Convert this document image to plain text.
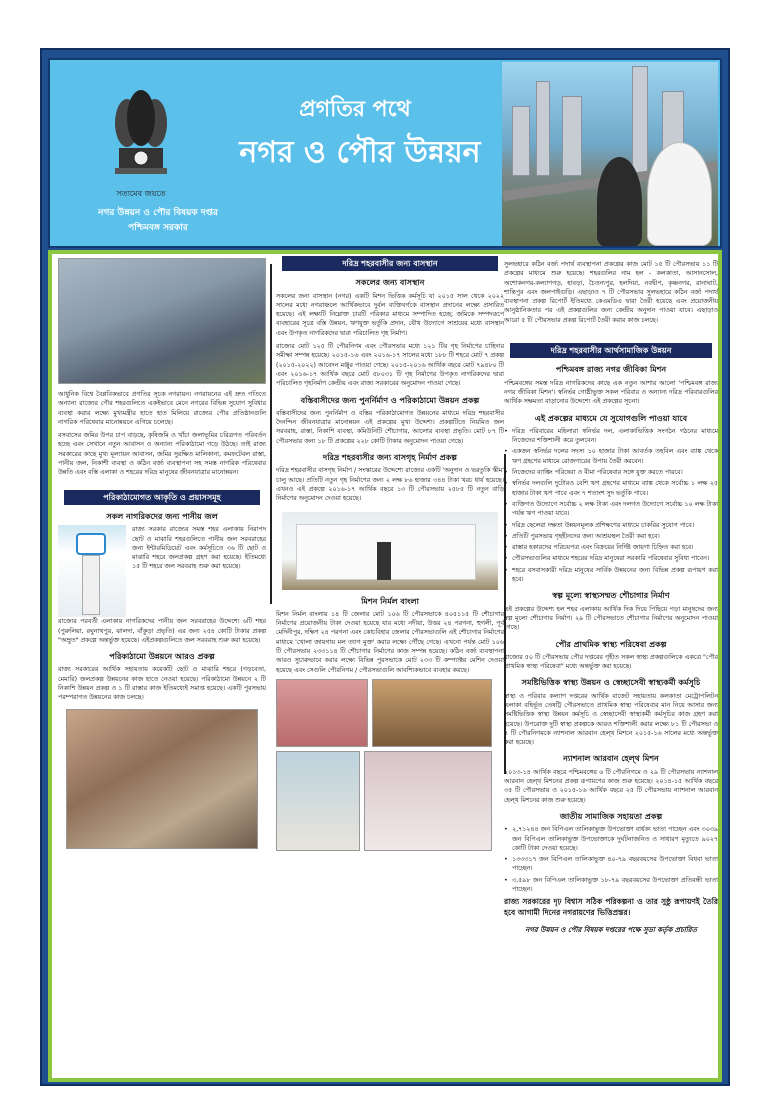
সত্যমেব জয়তে
নগর উন্নয়ন ও পৌর বিষয়ক দপ্তর
পশ্চিমবঙ্গ সরকার
প্রগতির পথে
নগর ও পৌর উন্নয়ন

আধুনিক বিশ্বে বৈপ্লবিকভাবে প্রগতির সূচক নগরায়ন। নগরায়নের এই দ্রুত গতিতে অন্যান্য রাজ্যের পৌর শহরগুলিতে একইভাবে মেনে নগরের বিভিন্ন সুযোগ সুবিধার ব্যবস্থা করার লক্ষ্যে মুখ্যমন্ত্রীর হাতে হাত মিলিয়ে রাজ্যের পৌর প্রতিষ্ঠানগুলি নাগরিক পরিষেবার মানোন্নয়নে এগিয়ে চলেছে।

বসবাসের জমির উপর চাপ বাড়ছে, কৃষিজমি ও খাঁচা জলাভূমির চরিত্রগত পরিবর্তন হচ্ছে এবং সেখানে নতুন আবাসন ও অন্যান্য পরিকাঠামো গড়ে উঠছে। তাই রাজ্য সরকারের কাছে মুখ্য মূল্যায়ন আবাসন, জমির সুরক্ষিত মালিকানা, কমফটেবল রাস্তা, পানীয় জল, নিকাশী ব্যবস্থা ও কঠিন বর্জ্য ব্যবস্থাপনা সহ সমস্ত নাগরিক পরিষেবার উন্নতি এবং বস্তি এলাকা ও শহরের দরিদ্র মানুষের জীবনযাত্রার মানোন্নয়ন।

পরিকাঠামোগত আকৃতি ও প্রয়াসসমূহ
সকল নাগরিকদের জন্য পানীয় জল

রাজ্য সরকার রাজ্যের সমস্ত শহর এলাকায় নিরাপদ ছোট ও মাঝারি শহরগুলিতে পানীয় জল সরবরাহের জন্য ইন্টারমিডিয়েট এবং কর্মসূচিতে ৩৬ টি ছোট ও মাঝারি শহরে জলপ্রকল্প গ্রহণ করা হয়েছে। ইতিমধ্যে ১৫ টি শহরে জল সরবরাহ শুরু করা হয়েছে।

রাজ্যের পরবর্তী এলাকায় নাগরিকদের পানীয় জল সরবরাহের উদ্দেশ্যে ৬টি শহর (পুরুলিয়া, রঘুনাথপুর, ঝালদা, বাঁকুড়া প্রভৃতি) এর জন্য ২৫৪ কোটি টাকার প্রকল্প "অম্রুত" প্রকল্পে অন্তর্ভুক্ত হয়েছে। এইপ্রকল্পগুলিতে জল সরবরাহ শুরু করা হয়েছে।

পরিকাঠামো উন্নয়নে আরও প্রকল্প

রাজ্য সরকারের আর্থিক সহায়তায় কয়েকটি ছোট ও মাঝারি শহরে (গড়বেতা, মেমারি) জলপ্রকল্প উন্নয়নের কাজ হাতে নেওয়া হয়েছে। পরিকাঠামো উন্নয়নে ২ টি নিকাশি উন্নয়ন প্রকল্প ও ১ টি রাস্তার কাজ ইতিমধ্যেই সমাপ্ত হয়েছে। একটি পুরসভায় পরম্পরাগত উন্নয়নের কাজ চলছে।

দরিদ্র শহরবাসীর জন্য বাসস্থান
সকলের জন্য বাসস্থান

সকলের জন্য বাসস্থান (নগর) একটি মিশন ভিত্তিক কর্মসূচি যা ২০১৫ সাল থেকে ২০২২ সালের মধ্যে নগরাঞ্চলে আর্থিকভাবে দুর্বল ব্যক্তিবর্গকে বাসস্থান প্রদানের লক্ষ্যে প্রসারিত হয়েছে। এই লক্ষ্যটি নিম্নোক্ত চারটি পরিকার মাধ্যমে সম্পাদিত হচ্ছে; জমিকে সম্পদরূপে ব্যবহারের সূত্রে বস্তি উন্নয়ন, ঋণযুক্ত ভর্তুকি প্রদান, যৌথ উদ্যোগে সাশ্রয়ের মধ্যে বাসস্থান এবং উপকৃত নাগরিকদের দ্বারা পরিচালিত গৃহ নির্মাণ।

রাজ্যের মোট ১২৫ টি পৌরনিগম এবং পৌরসভার মধ্যে ১২১ টির গৃহ নির্মাণের চাহিদার সমীক্ষা সম্পন্ন হয়েছে। ২০১৫-১৬ এবং ২০১৬-১৭ সালের মধ্যে ১৮৮ টি শহরে মোট ৭ প্রকল্প (২০১৫-২০২২) আবেদন মঞ্জুর পাওয়া গেছে। ২০১৫-২০১৬ আর্থিক বছরে মোট ৭৯৪৮০ টি এবং ২০১৬-১৭ আর্থিক বছরে মোট ৫৮০৩১ টি গৃহ নির্মাণের উপকৃত নাগরিকদের দ্বারা পরিচালিত গৃহনির্মাণ কেন্দ্রীয় এবং রাজ্য সরকারের অনুমোদন পাওয়া গেছে।

বস্তিবাসীদের জন্য পুনর্নির্মাণ ও পরিকাঠামো উন্নয়ন প্রকল্প

বস্তিবাসীদের জন্য পুনর্নির্মাণ ও বস্তির পরিকাঠামোগত উন্নয়নের মাধ্যমে দরিদ্র শহরবাসীর দৈনন্দিন জীবনযাত্রার মানোন্নয়ন এই প্রকল্পের মুখ্য উদ্দেশ্য। প্রকল্পটিতে নিয়মিত জল সরবরাহ, রাস্তা, নিকাশি ব্যবস্থা, কমিউনিটি শৌচাগার, আলোর ব্যবস্থা প্রভৃতি। মোট ৮৭ টি পৌরসভার জন্য ১৮ টি প্রকল্পের ২২৮ কোটি টাকার অনুমোদন পাওয়া গেছে।

দরিদ্র শহরবাসীর জন্য বাসগৃহ নির্মাণ প্রকল্প

দরিদ্র শহরবাসীর বাসগৃহ নির্মাণ / সংস্কারের উদ্দেশ্যে রাজ্যের একটি 'অনুদান ও ভরতুকি স্কীম' চালু আছে। প্রতিটি নতুন গৃহ নির্মাণের জন্য ২ লক্ষ ৮৬ হাজার ৩৪৪ টাকা খরচ ধার্য হয়েছে। এখনও এই প্রকল্পে ২০১৬-১৭ আর্থিক বছরে ১৩ টি পৌরসভায় ২৫৮৫ টি নতুন বাড়ি নির্মাণের অনুমোদন দেওয়া হয়েছে।

মিশন নির্মল বাংলা

মিশন নির্মল বাংলায় ১৪ টি জেলার মোট ১০৬ টি পৌরসভাকে ৪০৫১১৫ টি শৌচাগার নির্মাণের প্রয়োজনীয় টাকা দেওয়া হয়েছে যার মধ্যে নদীয়া, উত্তর ২৪ পরগনা, হুগলী, পূর্ব মেদিনীপুর, দক্ষিণ ২৪ পরগনা এবং কোচবিহার জেলার পৌরসভাগুলি এই শৌচাগার নির্মাণের মাধ্যমে 'খোলা জায়গায় মল ত্যাগ মুক্ত' করার লক্ষ্যে পৌঁছে গেছে। এখনো পর্যন্ত মোট ১০৬ টি পৌরসভায় ২৩৩১১৪ টি শৌচাগার নির্মাণের কাজ সম্পন্ন হয়েছে। কঠিন বর্জ্য ব্যবস্থাপনা আরও সুচারুভাবে করার লক্ষ্যে বিভিন্ন পুরসভাকে মোট ২৩৩ টি কম্প্যাক্টর মেশিন দেওয়া হয়েছে এবং সেগুলি পৌরনিগম / পৌরসভাগুলি আবশ্যিকভাবে ব্যবহার করছে।

সুলভহারে কঠিন বর্জ্য পদার্থ ব্যবস্থাপনা প্রকল্পের কাজ মোট ১৫ টি পৌরসভায় ১১ টি প্রকল্পের মাধ্যমে শুরু হয়েছে। শহরগুলির নাম হল - কলকাতা, আসানসোল, অশোকনগর-কল্যাণগড়, হাবড়া, চৈতন্যপুর, হলদিয়া, নবদ্বীপ, কৃষ্ণনগর, রানাঘাট, শান্তিপুর এবং জলপাইগুড়ি। এছাড়াও ৭ টি পৌরসভার সুলভহারে কঠিন বর্জ্য পদার্থ ব্যবস্থাপনা প্রকল্প রিপোর্ট ইতিমধ্যে কেএমডিএ দ্বারা তৈরী হয়েছে এবং প্রয়োজনীয় আনুষ্ঠানিকতার পর এই প্রকল্পগুলির জন্য কেন্দ্রীয় অনুদান পাওয়া যাবে। এছাড়াও আরো ৫ টি পৌরসভার প্রকল্প রিপোর্ট তৈরী করার কাজ চলছে।

দরিদ্র শহরবাসীর আর্থসামাজিক উন্নয়ন
পশ্চিমবঙ্গ রাজ্য নগর জীবিকা মিশন

পশ্চিমবঙ্গের সমস্ত দরিদ্র নাগরিকদের কাছে এক নতুন আশার আলো 'পশ্চিমবঙ্গ রাজ্য নগর জীবিকা মিশন'। স্বনির্ভর গোষ্ঠীভুক্ত সকল পরিবার ও অন্যান্য দরিদ্র পরিবারগুলির আর্থিক সক্ষমতা বাড়ানোর উদ্দেশ্যে এই প্রকল্পের সূচনা।

এই প্রকল্পের মাধ্যমে যে সুযোগগুলি পাওয়া যাবে
• দরিদ্র পরিবারের মহিলারা স্বনির্ভর দল, এলাকাভিত্তিক সংগঠন গঠনের মাধ্যমে নিজেদের শক্তিশালী করে তুলবেন।
• একজন স্বনির্ভর দলের সদস্য ১০ হাজার টাকা আবর্তক তহবিল এবং ব্যাঙ্ক থেকে ঋণ গ্রহণের মাধ্যমে রোজগারের উপায় তৈরী করবেন।
• নিজেদের ব্যাঙ্কিং পরিষেবা ও বীমা পরিষেবার সঙ্গে যুক্ত করতে পারবে।
• স্বনির্ভর দলগুলি দুটোরও বেশি ঋণ গ্রহণের মাধ্যমে ব্যাঙ্ক থেকে সর্বোচ্চ ১ লক্ষ ২৫ হাজার টাকা ঋণ পাবে এবং ৭ শতাংশ সুদ ভর্তুকি পাবে।
• ব্যক্তিগত উদ্যোগে সর্বোচ্চ ২ লক্ষ টাকা এবং দলগত উদ্যোগে সর্বোচ্চ ১০ লক্ষ টাকা পর্যন্ত ঋণ পাওয়া যাবে।
• দরিদ্র ছেলেরা দক্ষতা উন্নয়নমূলক প্রশিক্ষণের মাধ্যমে চাকরির সুযোগ পাবে।
• প্রতিটি পুরসভায় গৃহহীনদের জন্য আশ্রয়স্থল তৈরী করা হবে।
• রাস্তার হকারদের পরিচয়পত্র এবং বিক্রয়ের নির্দিষ্ট জায়গা চিহ্নিত করা হবে।
• পৌরসভাগুলির মাধ্যমে শহরের দরিদ্র মানুষেরা সরকারি পরিষেবার সুবিধা পাবেন।
• শহরে বসবাসকারী দরিদ্র মানুষের সার্বিক উন্নয়নের জন্য বিভিন্ন প্রকল্প রূপায়ণ করা হবে।
স্বল্প মূল্যে স্বাস্থ্যসম্মত শৌচাগার নির্মাণ

এই প্রকল্পের উদ্দেশ্য হল শহর এলাকায় আর্থিক দিক দিয়ে পিছিয়ে পড়া মানুষদের জন্য স্বল্প মূল্যে শৌচাগার নির্মাণ। ২৯ টি পৌরসভাতে শৌচাগার নির্মাণের অনুমোদন পাওয়া গেছে।

পৌর প্রাথমিক স্বাস্থ্য পরিষেবা প্রকল্প

রাজ্যের ৫০ টি পৌরসভায় পৌর দপ্তরের গৃহীত সকল স্বাস্থ্য প্রকল্পগুলিকে একত্রে "পৌর প্রাথমিক স্বাস্থ্য পরিষেবা" মধ্যে অন্তর্ভুক্ত করা হয়েছে।

সমষ্টিভিত্তিক স্বাস্থ্য উন্নয়ন ও স্বেচ্ছাসেবী স্বাস্থ্যকর্মী কর্মসূচি

স্বাস্থ্য ও পরিবার কল্যাণ দপ্তরের আর্থিক বাজেট সহায়তায় কলকাতা মেট্রোপলিটন এলাকা বহির্ভূত তেষট্টি পৌরসভাতে প্রাথমিক স্বাস্থ্য পরিষেবার মান নিয়ে আসার জন্য সমষ্টিভিত্তিক স্বাস্থ্য উন্নয়ন কর্মসূচি ও স্বেচ্ছাসেবী স্বাস্থ্যকর্মী কর্মসূচির কাজ গ্রহণ করা হয়েছে। উপরোক্ত দুটি স্বাস্থ্য প্রকল্পকে আরও শক্তিশালী করার লক্ষ্যে ৮১ টি পৌরসভা ও ৭ টি পৌরনিগমকে ন্যাশনাল আরবান হেল্থ মিশনে ২০১৫-১৬ সালের মধ্যে অন্তর্ভুক্ত করা হয়েছে।

ন্যাশনাল আরবান হেল্থ মিশন

২০১৩-১৪ আর্থিক বছরে পশ্চিমবঙ্গের ৬ টি পৌরনিগমে ও ২৯ টি পৌরসভায় ন্যাশনাল আরবান হেল্থ মিশনের প্রকল্প রূপায়ণের কাজ শুরু হয়েছে। ২০১৪-১৫ আর্থিক বছরে ৩৫ টি পৌরসভায় ও ২০১৫-১৬ আর্থিক বছরে ২৫ টি পৌরসভায় ন্যাশনাল আরবান হেল্থ মিশনের কাজ শুরু হয়েছে।

জাতীয় সামাজিক সহায়তা প্রকল্প
• ২,৭১২৪৪ জন বিপিএল তালিকাভুক্ত উপভোক্তা বার্ধক্য ভাতা পাচ্ছেন এবং ৩০৩৯ জন বিপিএল তালিকাভুক্ত উপভোক্তাকে দুর্ঘটনাজনিত ও সাধারণ মৃত্যুতে ৯০২৭ কোটি টাকা দেওয়া হয়েছে।
• ১৩৩৩১৭ জন বিপিএল তালিকাভুক্ত ৪০-৭৯ বছরবয়সের উপভোক্তা বিধবা ভাতা পাচ্ছেন।
• ৩,৫৯৮ জন বিপিএল তালিকাভুক্ত ১৮-৭৯ বছরবয়সের উপভোক্তা প্রতিবন্ধী ভাতা পাচ্ছেন।

রাজ্য সরকারের দৃঢ় বিশ্বাস সঠিক পরিকল্পনা ও তার সুষ্ঠু রূপায়ণই তৈরি হবে আগামী দিনের নগরায়ণের ভিত্তিপ্রস্তর।

নগর উন্নয়ন ও পৌর বিষয়ক দপ্তরের পক্ষে সুডা কর্তৃক প্রচারিত
